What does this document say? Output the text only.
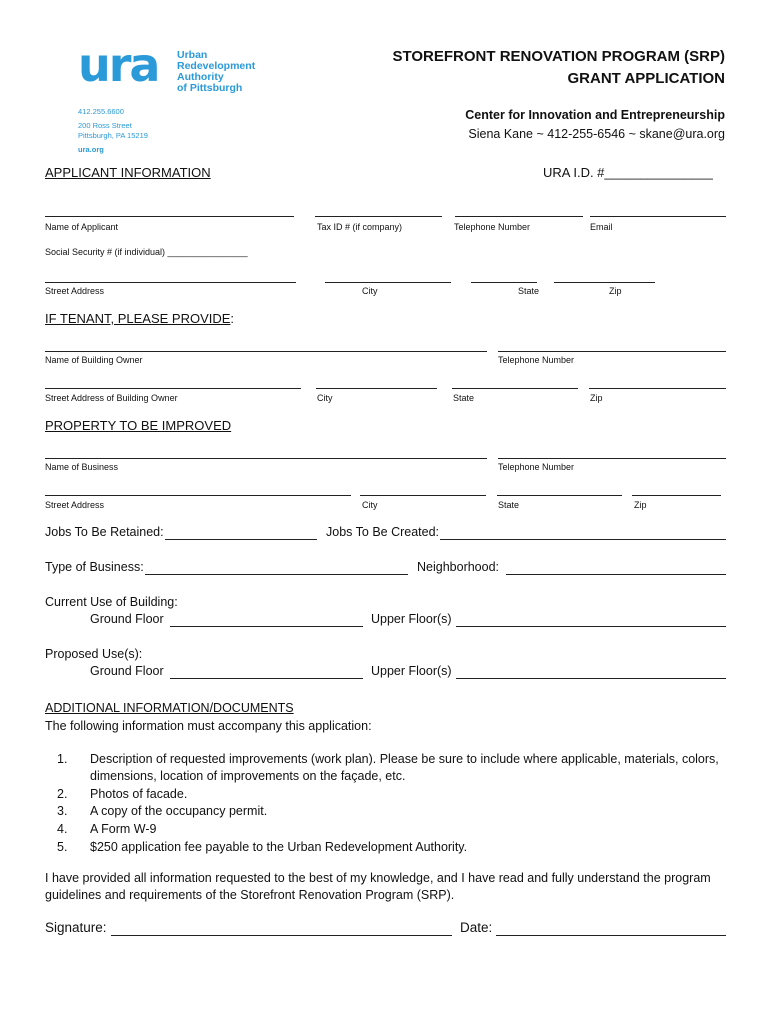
ura Urban
Redevelopment
Authority
of Pittsburgh
412.255.6600
200 Ross Street
Pittsburgh, PA 15219
ura.org
STOREFRONT RENOVATION PROGRAM (SRP)
GRANT APPLICATION
Center for Innovation and Entrepreneurship
Siena Kane ~ 412-255-6546 ~ skane@ura.org
APPLICANT INFORMATION	URA I.D. #_______________
Name of Applicant	Tax ID # (if company)	Telephone Number	Email
Social Security # (if individual) ________________
Street Address	City	State	Zip
IF TENANT, PLEASE PROVIDE:
Name of Building Owner	Telephone Number
Street Address of Building Owner	City	State	Zip
PROPERTY TO BE IMPROVED
Name of Business	Telephone Number
Street Address	City	State	Zip
Jobs To Be Retained:	Jobs To Be Created:
Type of Business:	Neighborhood:
Current Use of Building:
Ground Floor	Upper Floor(s)
Proposed Use(s):
Ground Floor	Upper Floor(s)
ADDITIONAL INFORMATION/DOCUMENTS
The following information must accompany this application:
1. Description of requested improvements (work plan). Please be sure to include where applicable, materials, colors,
dimensions, location of improvements on the façade, etc.
2. Photos of facade.
3. A copy of the occupancy permit.
4. A Form W-9
5. $250 application fee payable to the Urban Redevelopment Authority.
I have provided all information requested to the best of my knowledge, and I have read and fully understand the program
guidelines and requirements of the Storefront Renovation Program (SRP).
Signature:	Date:
